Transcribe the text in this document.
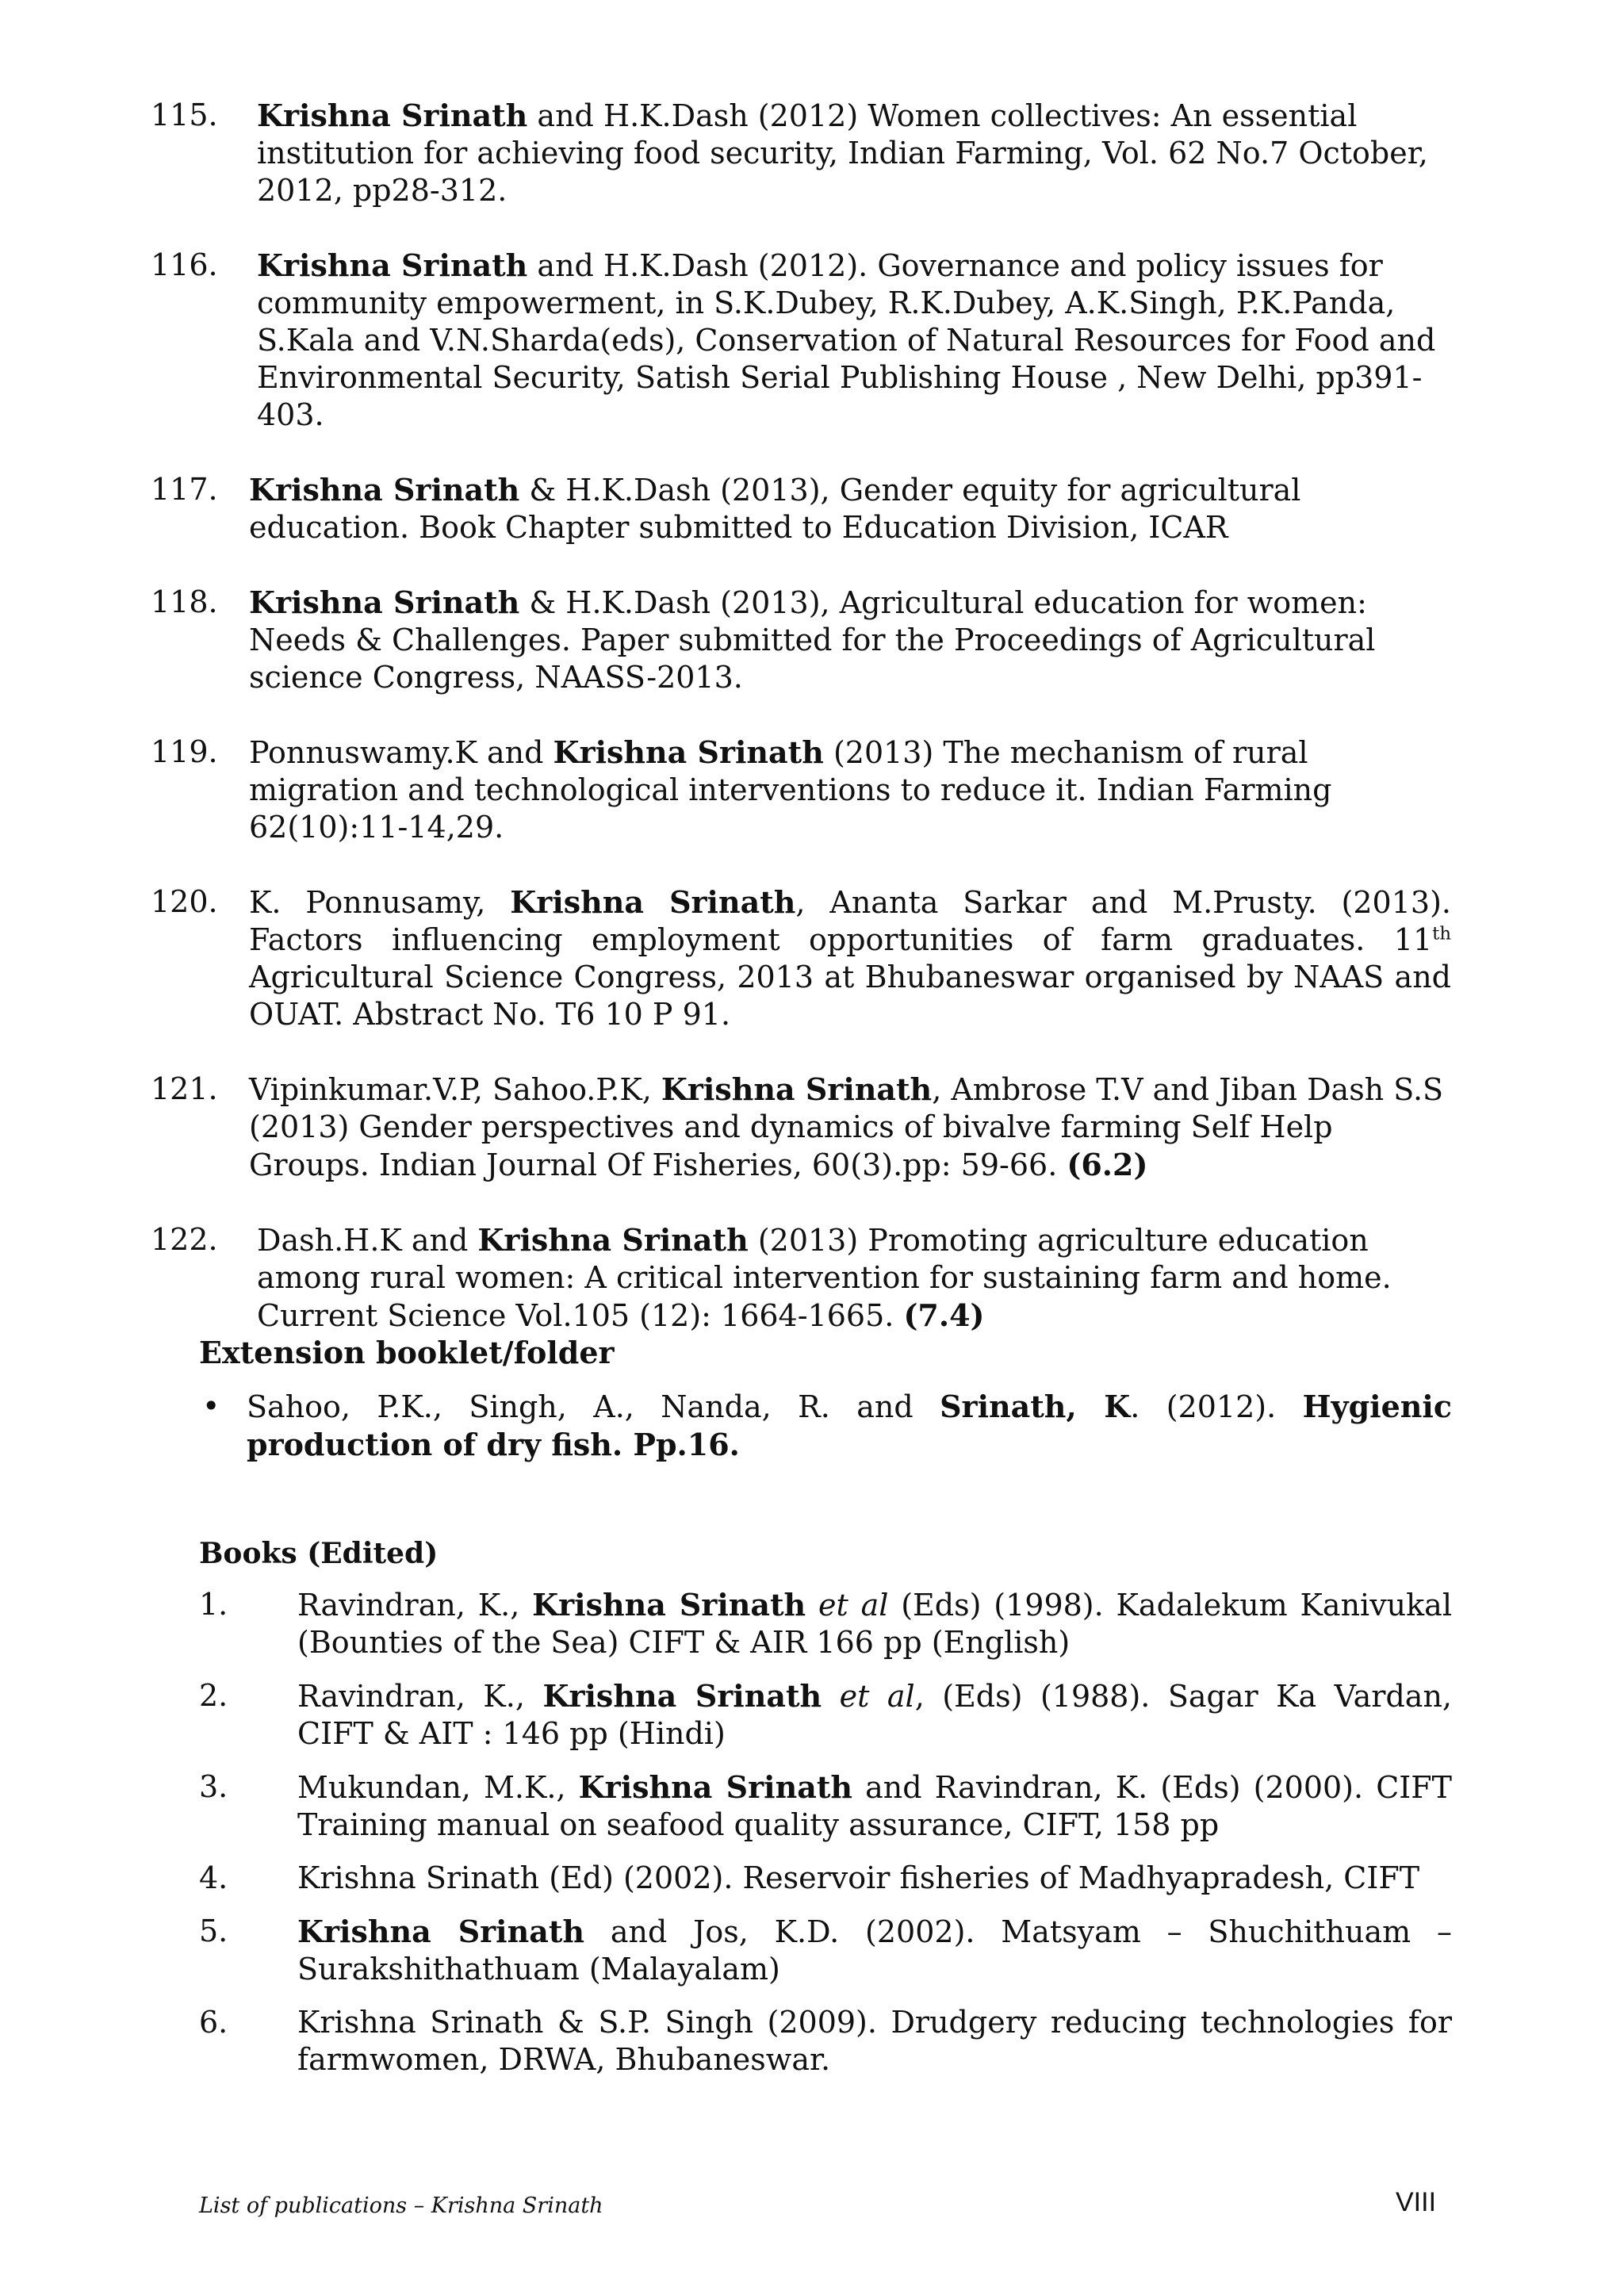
115. Krishna Srinath and H.K.Dash (2012) Women collectives: An essential institution for achieving food security, Indian Farming, Vol. 62 No.7 October, 2012, pp28-312.
116. Krishna Srinath and H.K.Dash (2012). Governance and policy issues for community empowerment, in S.K.Dubey, R.K.Dubey, A.K.Singh, P.K.Panda, S.Kala and V.N.Sharda(eds), Conservation of Natural Resources for Food and Environmental Security, Satish Serial Publishing House , New Delhi, pp391-403.
117. Krishna Srinath & H.K.Dash (2013), Gender equity for agricultural education. Book Chapter submitted to Education Division, ICAR
118. Krishna Srinath & H.K.Dash (2013), Agricultural education for women: Needs & Challenges. Paper submitted for the Proceedings of Agricultural science Congress, NAASS-2013.
119. Ponnuswamy.K and Krishna Srinath (2013) The mechanism of rural migration and technological interventions to reduce it. Indian Farming 62(10):11-14,29.
120. K. Ponnusamy, Krishna Srinath, Ananta Sarkar and M.Prusty. (2013). Factors influencing employment opportunities of farm graduates. 11th Agricultural Science Congress, 2013 at Bhubaneswar organised by NAAS and OUAT. Abstract No. T6 10 P 91.
121. Vipinkumar.V.P, Sahoo.P.K, Krishna Srinath, Ambrose T.V and Jiban Dash S.S (2013) Gender perspectives and dynamics of bivalve farming Self Help Groups. Indian Journal Of Fisheries, 60(3).pp: 59-66. (6.2)
122. Dash.H.K and Krishna Srinath (2013) Promoting agriculture education among rural women: A critical intervention for sustaining farm and home. Current Science Vol.105 (12): 1664-1665. (7.4)
Extension booklet/folder
• Sahoo, P.K., Singh, A., Nanda, R. and Srinath, K. (2012). Hygienic production of dry fish. Pp.16.
Books (Edited)
1. Ravindran, K., Krishna Srinath et al (Eds) (1998). Kadalekum Kanivukal (Bounties of the Sea) CIFT & AIR 166 pp (English)
2. Ravindran, K., Krishna Srinath et al, (Eds) (1988). Sagar Ka Vardan, CIFT & AIT : 146 pp (Hindi)
3. Mukundan, M.K., Krishna Srinath and Ravindran, K. (Eds) (2000). CIFT Training manual on seafood quality assurance, CIFT, 158 pp
4. Krishna Srinath (Ed) (2002). Reservoir fisheries of Madhyapradesh, CIFT
5. Krishna Srinath and Jos, K.D. (2002). Matsyam – Shuchithuam – Surakshithathuam (Malayalam)
6. Krishna Srinath & S.P. Singh (2009). Drudgery reducing technologies for farmwomen, DRWA, Bhubaneswar.
List of publications – Krishna Srinath	VIII
